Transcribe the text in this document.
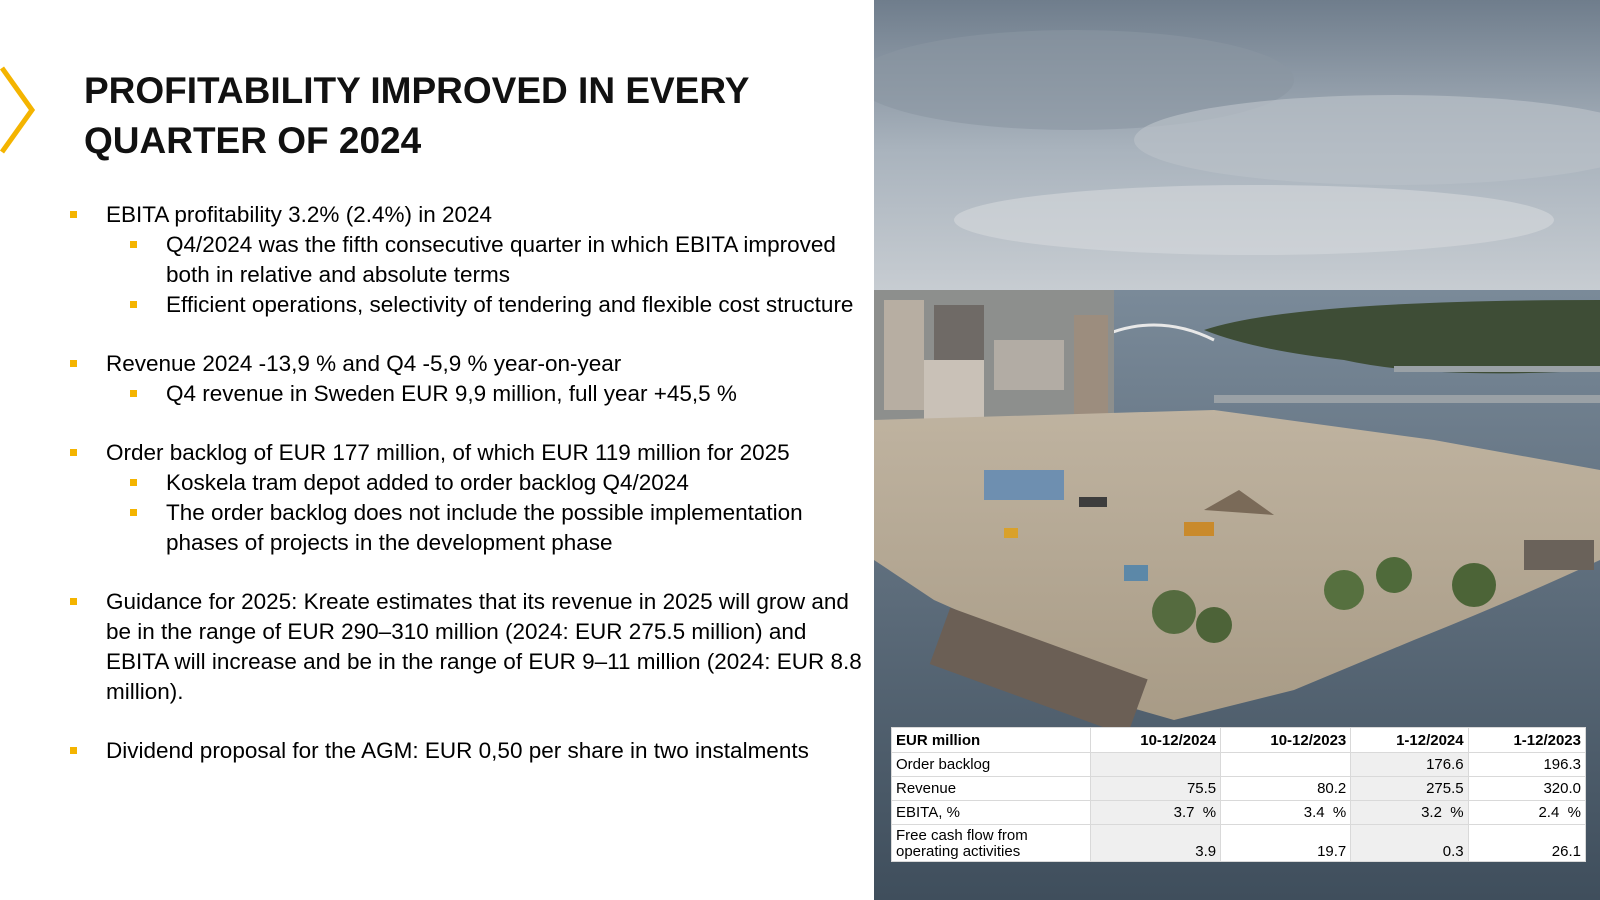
PROFITABILITY IMPROVED IN EVERY
QUARTER OF 2024
EBITA profitability 3.2% (2.4%) in 2024
Q4/2024 was the fifth consecutive quarter in which EBITA improved both in relative and absolute terms
Efficient operations, selectivity of tendering and flexible cost structure
Revenue 2024 -13,9 % and Q4 -5,9 % year-on-year
Q4 revenue in Sweden EUR 9,9 million, full year +45,5 %
Order backlog of EUR 177 million, of which EUR 119 million for 2025
Koskela tram depot added to order backlog Q4/2024
The order backlog does not include the possible implementation phases of projects in the development phase
Guidance for 2025: Kreate estimates that its revenue in 2025 will grow and be in the range of EUR 290–310 million (2024: EUR 275.5 million) and EBITA will increase and be in the range of EUR 9–11 million (2024: EUR 8.8 million).
Dividend proposal for the AGM: EUR 0,50 per share in two instalments	EUR million	10-12/2024	10-12/2023	1-12/2024	1-12/2023
Order backlog			176.6	196.3
Revenue	75.5	80.2	275.5	320.0
EBITA, %	3.7  %	3.4  %	3.2  %	2.4  %
Free cash flow from
operating activities	3.9	19.7	0.3	26.1
